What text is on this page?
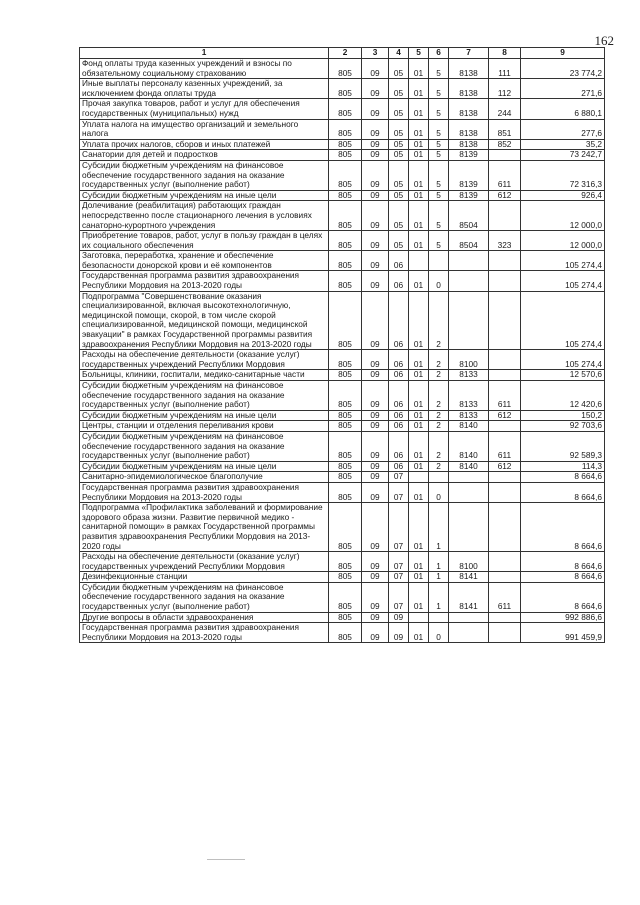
162
1	2	3	4	5	6	7	8	9
Фонд оплаты труда казенных учреждений и взносы по обязательному социальному страхованию	805	09	05	01	5	8138	111	23 774,2
Иные выплаты персоналу казенных учреждений, за исключением фонда оплаты труда	805	09	05	01	5	8138	112	271,6
Прочая закупка товаров, работ и услуг для обеспечения государственных (муниципальных) нужд	805	09	05	01	5	8138	244	6 880,1
Уплата налога на имущество организаций и земельного налога	805	09	05	01	5	8138	851	277,6
Уплата прочих налогов, сборов и иных платежей	805	09	05	01	5	8138	852	35,2
Санатории для детей и подростков	805	09	05	01	5	8139		73 242,7
Субсидии бюджетным учреждениям на финансовое обеспечение государственного задания на оказание государственных услуг (выполнение работ)	805	09	05	01	5	8139	611	72 316,3
Субсидии бюджетным учреждениям на иные цели	805	09	05	01	5	8139	612	926,4
Долечивание (реабилитация) работающих граждан непосредственно после стационарного лечения в условиях санаторно-курортного учреждения	805	09	05	01	5	8504		12 000,0
Приобретение товаров, работ, услуг в пользу граждан в целях их социального обеспечения	805	09	05	01	5	8504	323	12 000,0
Заготовка, переработка, хранение и обеспечение безопасности донорской крови и её компонентов	805	09	06					105 274,4
Государственная программа развития здравоохранения Республики Мордовия на 2013-2020 годы	805	09	06	01	0			105 274,4
Подпрограмма "Совершенствование оказания специализированной, включая высокотехнологичную, медицинской помощи, скорой, в том числе скорой специализированной, медицинской помощи, медицинской эвакуации" в рамках Государственной программы развития здравоохранения Республики Мордовия на 2013-2020 годы	805	09	06	01	2			105 274,4
Расходы на обеспечение деятельности (оказание услуг) государственных учреждений Республики Мордовия	805	09	06	01	2	8100		105 274,4
Больницы, клиники, госпитали, медико-санитарные части	805	09	06	01	2	8133		12 570,6
Субсидии бюджетным учреждениям на финансовое обеспечение государственного задания на оказание государственных услуг (выполнение работ)	805	09	06	01	2	8133	611	12 420,6
Субсидии бюджетным учреждениям на иные цели	805	09	06	01	2	8133	612	150,2
Центры, станции и отделения переливания крови	805	09	06	01	2	8140		92 703,6
Субсидии бюджетным учреждениям на финансовое обеспечение государственного задания на оказание государственных услуг (выполнение работ)	805	09	06	01	2	8140	611	92 589,3
Субсидии бюджетным учреждениям на иные цели	805	09	06	01	2	8140	612	114,3
Санитарно-эпидемиологическое благополучие	805	09	07					8 664,6
Государственная программа развития здравоохранения Республики Мордовия на 2013-2020 годы	805	09	07	01	0			8 664,6
Подпрограмма «Профилактика заболеваний и формирование здорового образа жизни. Развитие первичной медико - санитарной помощи» в рамках Государственной программы развития здравоохранения Республики Мордовия на 2013-2020 годы	805	09	07	01	1			8 664,6
Расходы на обеспечение деятельности (оказание услуг) государственных учреждений Республики Мордовия	805	09	07	01	1	8100		8 664,6
Дезинфекционные станции	805	09	07	01	1	8141		8 664,6
Субсидии бюджетным учреждениям на финансовое обеспечение государственного задания на оказание государственных услуг (выполнение работ)	805	09	07	01	1	8141	611	8 664,6
Другие вопросы в области здравоохранения	805	09	09					992 886,6
Государственная программа развития здравоохранения Республики Мордовия на 2013-2020 годы	805	09	09	01	0			991 459,9
